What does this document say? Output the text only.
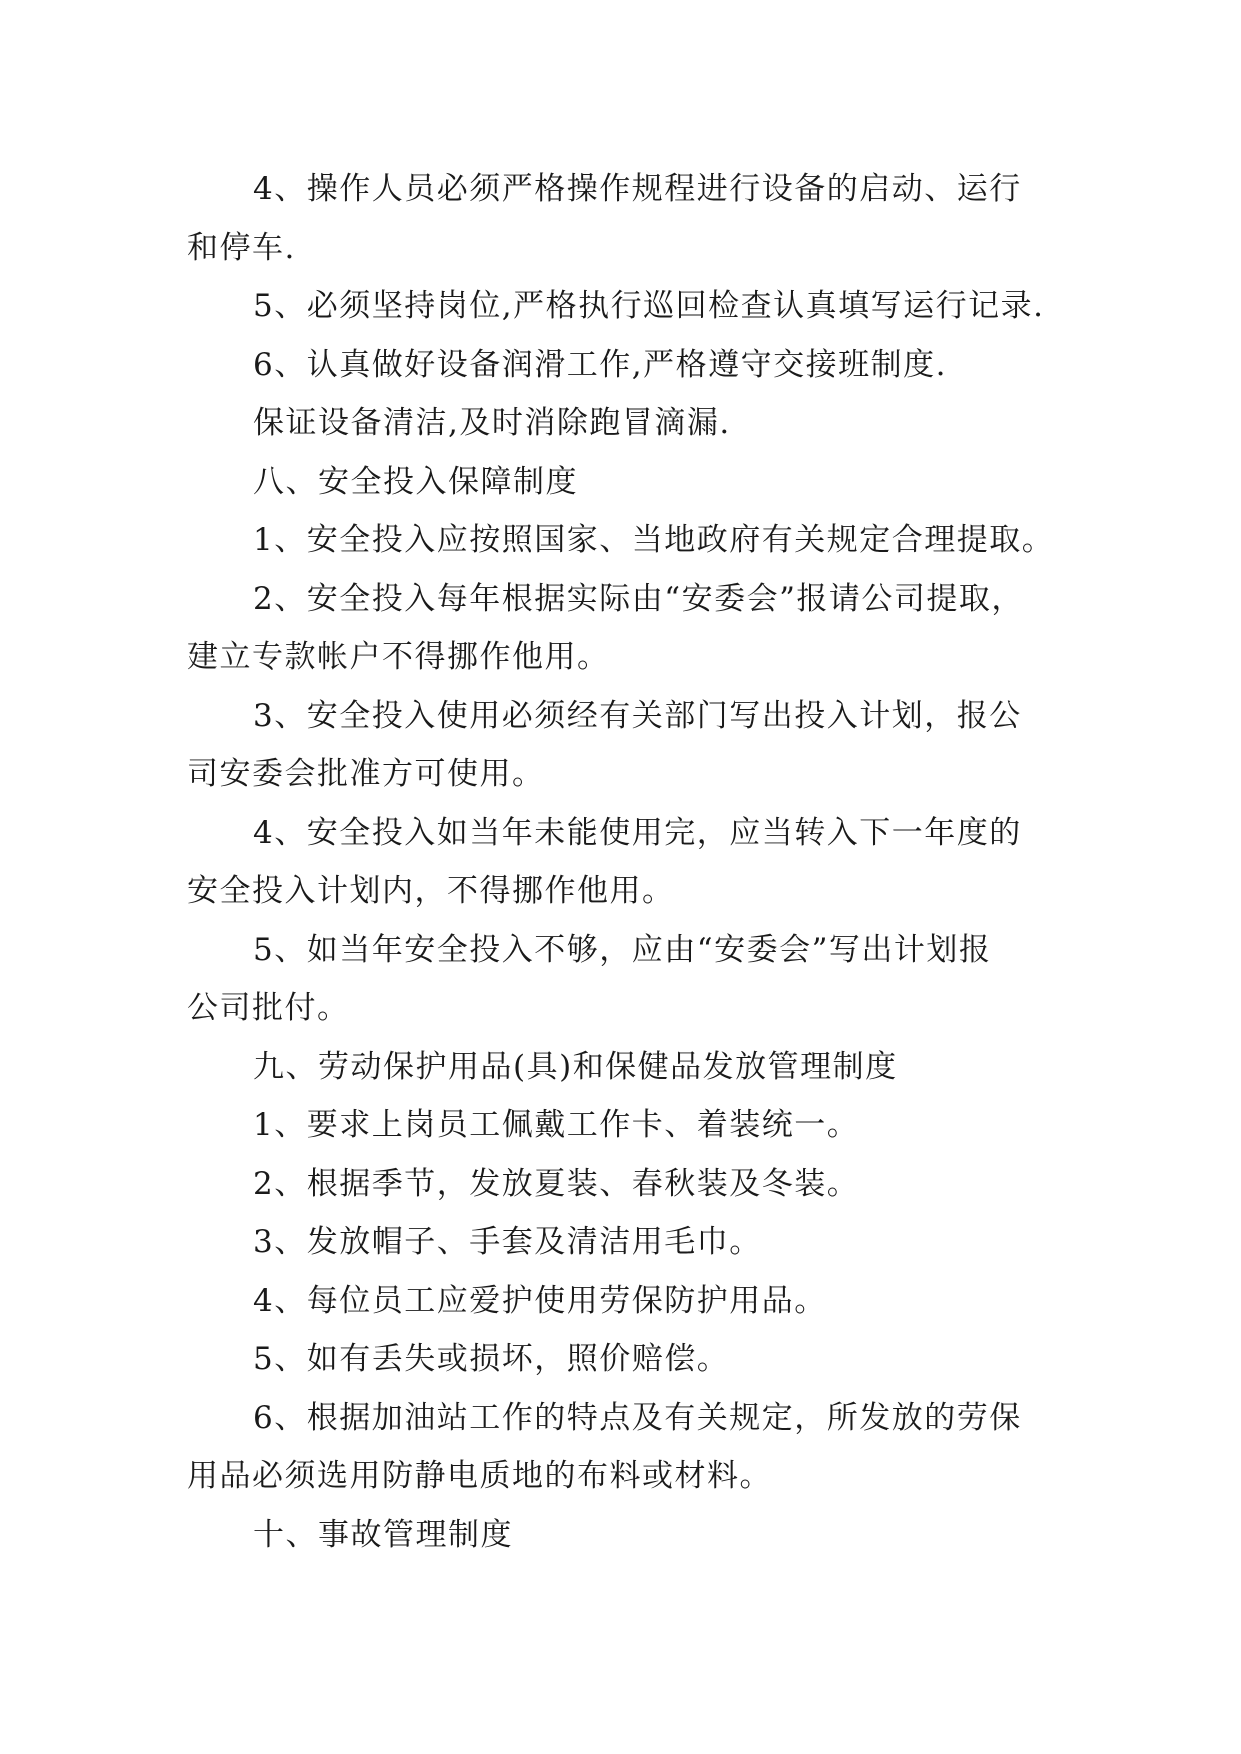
4、操作人员必须严格操作规程进行设备的启动、运行
和停车.
5、必须坚持岗位,严格执行巡回检查认真填写运行记录.
6、认真做好设备润滑工作,严格遵守交接班制度.
保证设备清洁,及时消除跑冒滴漏.
八、安全投入保障制度
1、安全投入应按照国家、当地政府有关规定合理提取。
2、安全投入每年根据实际由“安委会”报请公司提取，
建立专款帐户不得挪作他用。
3、安全投入使用必须经有关部门写出投入计划，报公
司安委会批准方可使用。
4、安全投入如当年未能使用完，应当转入下一年度的
安全投入计划内，不得挪作他用。
5、如当年安全投入不够，应由“安委会”写出计划报
公司批付。
九、劳动保护用品(具)和保健品发放管理制度
1、要求上岗员工佩戴工作卡、着装统一。
2、根据季节，发放夏装、春秋装及冬装。
3、发放帽子、手套及清洁用毛巾。
4、每位员工应爱护使用劳保防护用品。
5、如有丢失或损坏，照价赔偿。
6、根据加油站工作的特点及有关规定，所发放的劳保
用品必须选用防静电质地的布料或材料。
十、事故管理制度
